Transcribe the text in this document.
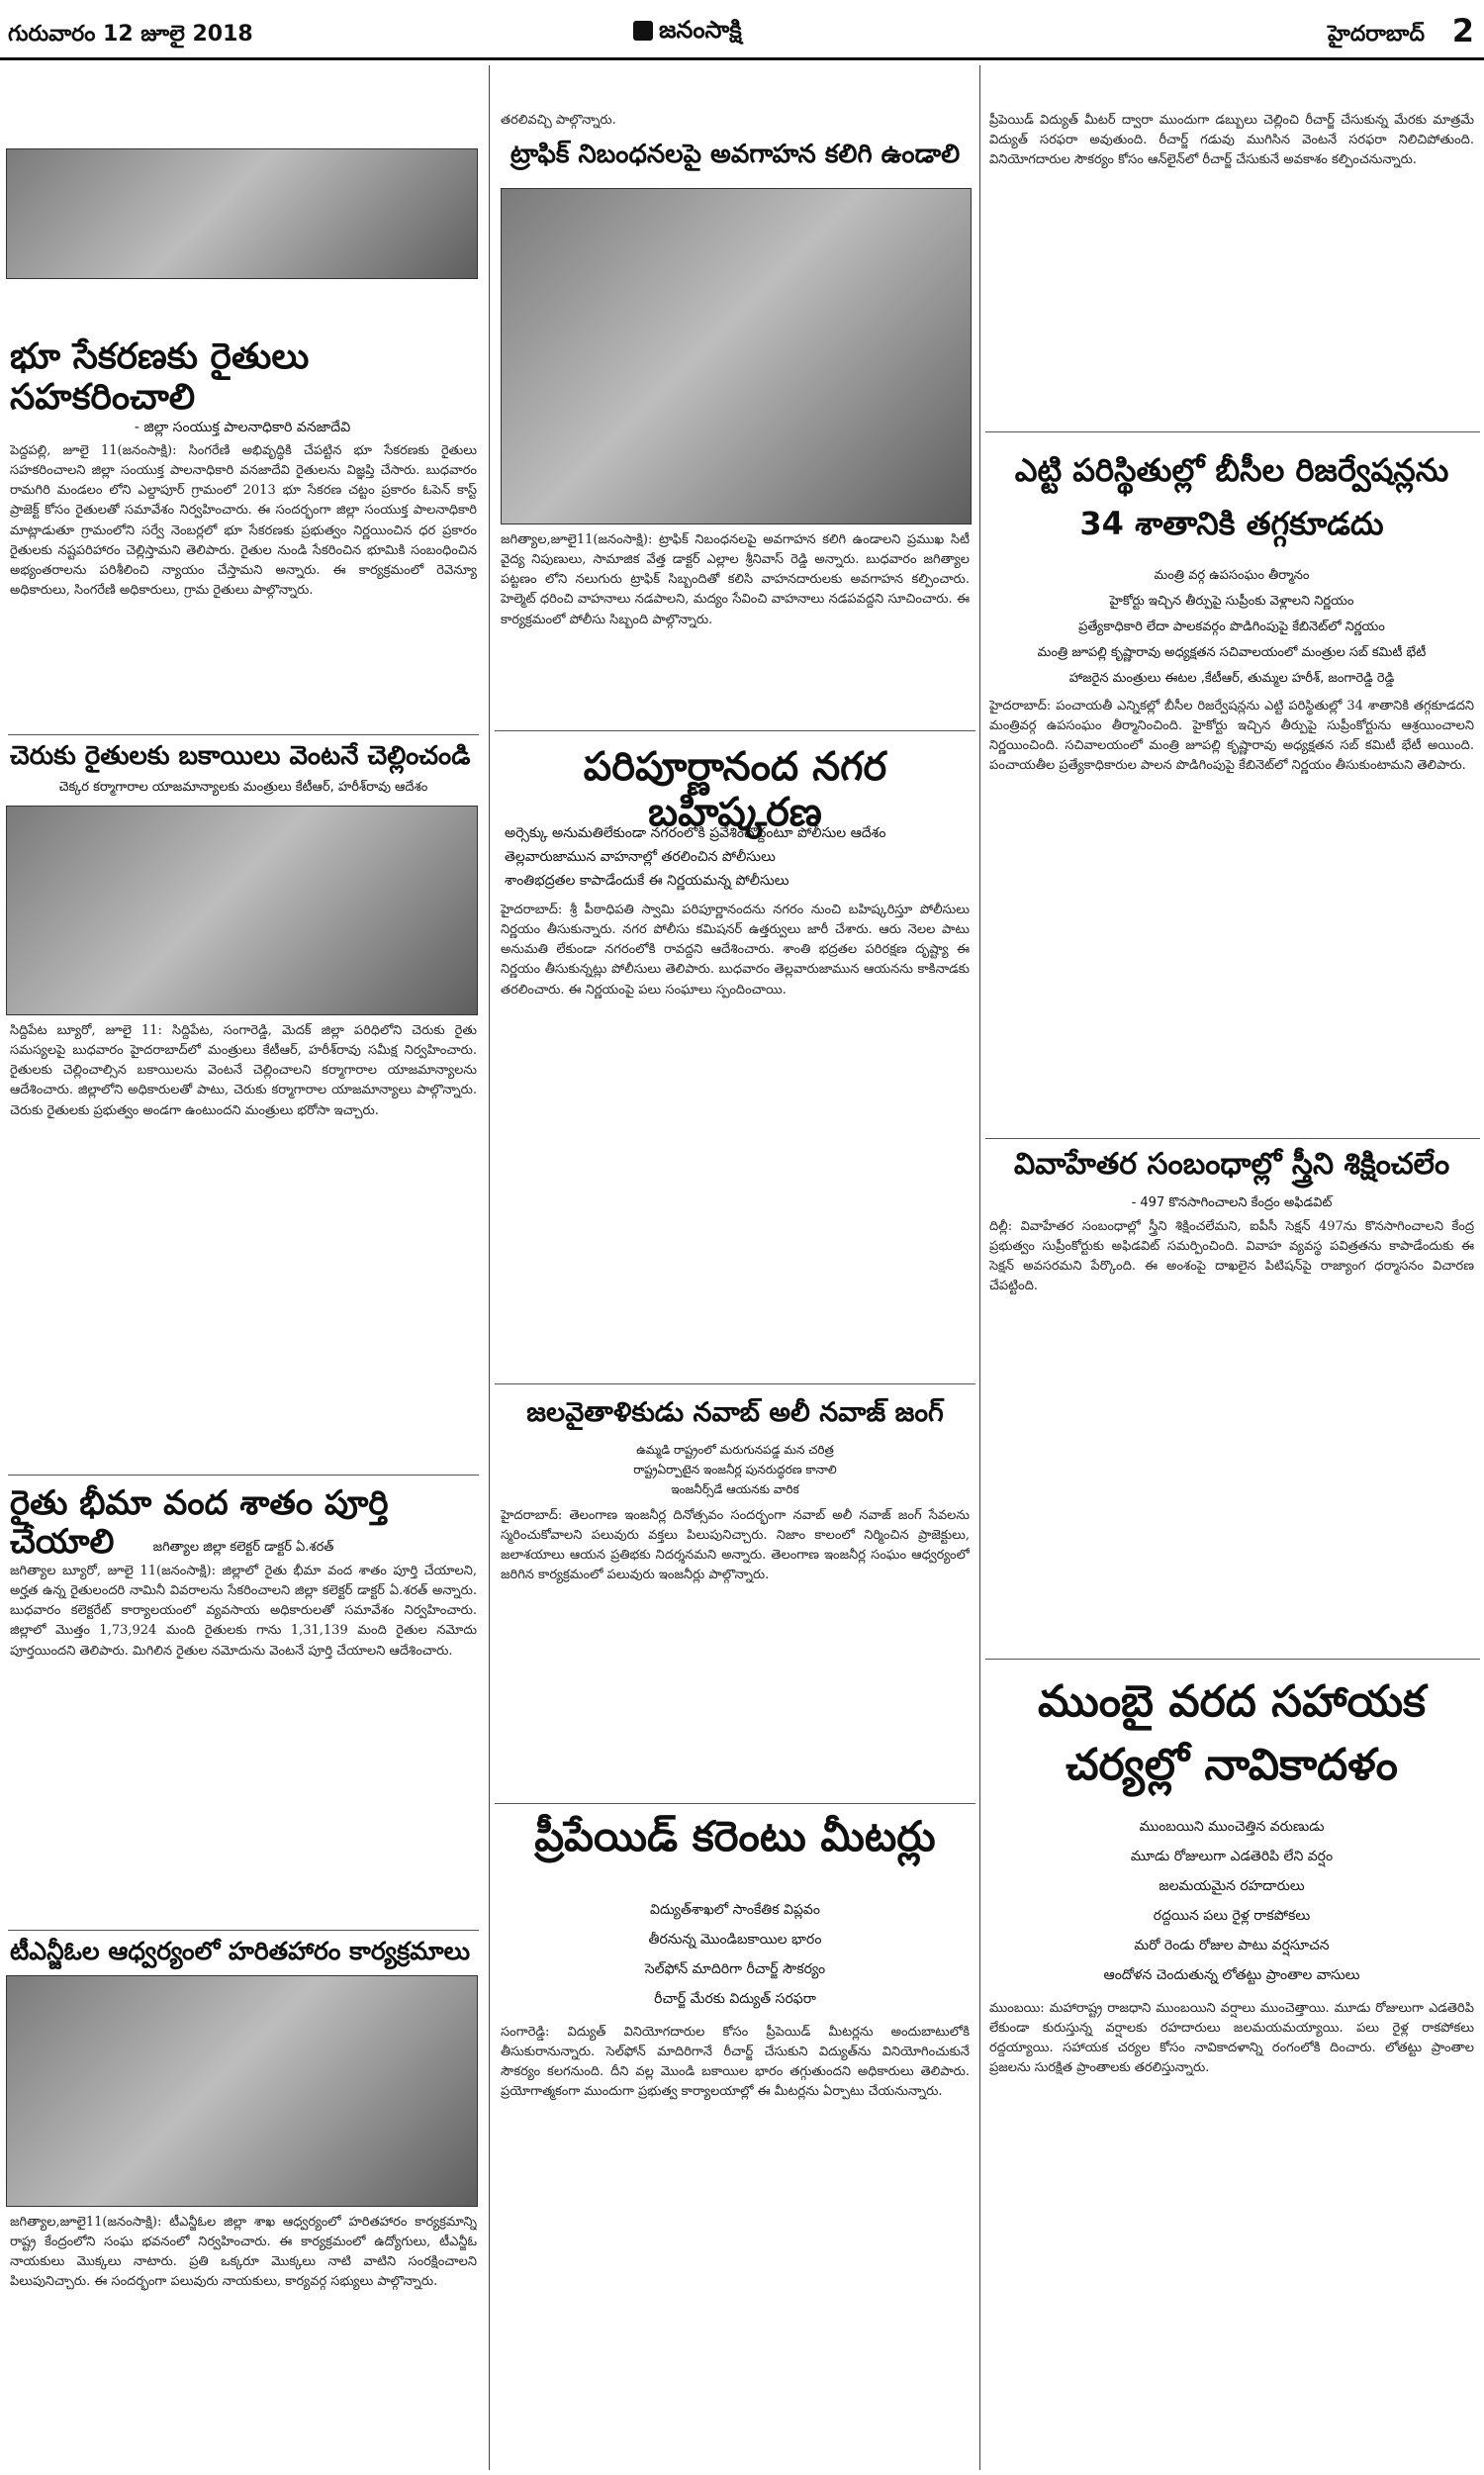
గురువారం 12 జూలై 2018	జనంసాక్షి	హైదరాబాద్ 2
భూ సేకరణకు రైతులు సహకరించాలి
- జిల్లా సంయుక్త పాలనాధికారి వనజాదేవి
పెద్దపల్లి, జూలై 11(జనంసాక్షి): సింగరేణి అభివృద్ధికి చేపట్టిన భూ సేకరణకు రైతులు సహకరించాలని జిల్లా సంయుక్త పాలనాధికారి వనజాదేవి రైతులను విజ్ఞప్తి చేసారు. బుధవారం రామగిరి మండలం లోని ఎల్దాపూర్ గ్రామంలో 2013 భూ సేకరణ చట్టం ప్రకారం ఓపెన్ కాస్ట్ ప్రాజెక్ట్ కోసం రైతులతో సమావేశం నిర్వహించారు. ఈ సందర్భంగా జిల్లా సంయుక్త పాలనాధికారి మాట్లాడుతూ గ్రామంలోని సర్వే నెంబర్లలో భూ సేకరణకు ప్రభుత్వం నిర్ణయించిన ధర ప్రకారం రైతులకు నష్టపరిహారం చెల్లిస్తామని తెలిపారు. రైతుల నుండి సేకరించిన భూమికి సంబంధించిన అభ్యంతరాలను పరిశీలించి న్యాయం చేస్తామని అన్నారు. ఈ కార్యక్రమంలో రెవెన్యూ అధికారులు, సింగరేణి అధికారులు, గ్రామ రైతులు పాల్గొన్నారు.
చెరుకు రైతులకు బకాయిలు వెంటనే చెల్లించండి
చెక్కర కర్మాగారాల యాజమాన్యాలకు మంత్రులు కేటీఆర్, హరీశ్‌రావు ఆదేశం
సిద్దిపేట బ్యూరో, జూలై 11: సిద్దిపేట, సంగారెడ్డి, మెదక్ జిల్లా పరిధిలోని చెరుకు రైతు సమస్యలపై బుధవారం హైదరాబాద్‌లో మంత్రులు కేటీఆర్, హరీశ్‌రావు సమీక్ష నిర్వహించారు. రైతులకు చెల్లించాల్సిన బకాయిలను వెంటనే చెల్లించాలని కర్మాగారాల యాజమాన్యాలను ఆదేశించారు. జిల్లాలోని అధికారులతో పాటు, చెరుకు కర్మాగారాల యాజమాన్యాలు పాల్గొన్నారు. చెరుకు రైతులకు ప్రభుత్వం అండగా ఉంటుందని మంత్రులు భరోసా ఇచ్చారు.
రైతు భీమా వంద శాతం పూర్తి చేయాలి	జగిత్యాల జిల్లా కలెక్టర్ డాక్టర్ ఏ.శరత్
జగిత్యాల బ్యూరో, జూలై 11(జనంసాక్షి): జిల్లాలో రైతు భీమా వంద శాతం పూర్తి చేయాలని, అర్హత ఉన్న రైతులందరి నామినీ వివరాలను సేకరించాలని జిల్లా కలెక్టర్ డాక్టర్ ఏ.శరత్ అన్నారు. బుధవారం కలెక్టరేట్ కార్యాలయంలో వ్యవసాయ అధికారులతో సమావేశం నిర్వహించారు. జిల్లాలో మొత్తం 1,73,924 మంది రైతులకు గాను 1,31,139 మంది రైతుల నమోదు పూర్తయిందని తెలిపారు. మిగిలిన రైతుల నమోదును వెంటనే పూర్తి చేయాలని ఆదేశించారు.
టీఎన్జీఓల ఆధ్వర్యంలో హరితహారం కార్యక్రమాలు
జగిత్యాల,జూలై11(జనంసాక్షి): టీఎన్జీఓల జిల్లా శాఖ ఆధ్వర్యంలో హరితహారం కార్యక్రమాన్ని రాష్ట్ర కేంద్రంలోని సంఘ భవనంలో నిర్వహించారు. ఈ కార్యక్రమంలో ఉద్యోగులు, టీఎన్జీఓ నాయకులు మొక్కలు నాటారు. ప్రతి ఒక్కరూ మొక్కలు నాటి వాటిని సంరక్షించాలని పిలుపునిచ్చారు. ఈ సందర్భంగా పలువురు నాయకులు, కార్యవర్గ సభ్యులు పాల్గొన్నారు.
తరలివచ్చి పాల్గొన్నారు.
ట్రాఫిక్ నిబంధనలపై అవగాహన కలిగి ఉండాలి
జగిత్యాల,జూలై11(జనంసాక్షి): ట్రాఫిక్ నిబంధనలపై అవగాహన కలిగి ఉండాలని ప్రముఖ సిటీ వైద్య నిపుణులు, సామాజిక వేత్త డాక్టర్ ఎల్లాల శ్రీనివాస్ రెడ్డి అన్నారు. బుధవారం జగిత్యాల పట్టణం లోని నలుగురు ట్రాఫిక్ సిబ్బందితో కలిసి వాహనదారులకు అవగాహన కల్పించారు. హెల్మెట్ ధరించి వాహనాలు నడపాలని, మద్యం సేవించి వాహనాలు నడపవద్దని సూచించారు. ఈ కార్యక్రమంలో పోలీసు సిబ్బంది పాల్గొన్నారు.
పరిపూర్ణానంద నగర బహిష్కరణ
అర్సెక్కు అనుమతిలేకుండా నగరంలోకి ప్రవేశించొద్దంటూ పోలీసుల ఆదేశం
తెల్లవారుజామున వాహనాల్లో తరలించిన పోలీసులు
శాంతిభద్రతల కాపాడేందుకే ఈ నిర్ణయమన్న పోలీసులు
హైదరాబాద్: శ్రీ పీఠాధిపతి స్వామి పరిపూర్ణానందను నగరం నుంచి బహిష్కరిస్తూ పోలీసులు నిర్ణయం తీసుకున్నారు. నగర పోలీసు కమిషనర్ ఉత్తర్వులు జారీ చేశారు. ఆరు నెలల పాటు అనుమతి లేకుండా నగరంలోకి రావద్దని ఆదేశించారు. శాంతి భద్రతల పరిరక్షణ దృష్ట్యా ఈ నిర్ణయం తీసుకున్నట్లు పోలీసులు తెలిపారు. బుధవారం తెల్లవారుజామున ఆయనను కాకినాడకు తరలించారు. ఈ నిర్ణయంపై పలు సంఘాలు స్పందించాయి.
జలవైతాళికుడు నవాబ్ అలీ నవాజ్ జంగ్
ఉమ్మడి రాష్ట్రంలో మరుగునపడ్డ మన చరిత్ర
రాష్ట్రఏర్పాటైన ఇంజనీర్ల పునరుద్ధరణ కానాలి
ఇంజనీర్స్‌డే ఆయనకు వారిక
హైదరాబాద్: తెలంగాణ ఇంజనీర్ల దినోత్సవం సందర్భంగా నవాబ్ అలీ నవాజ్ జంగ్ సేవలను స్మరించుకోవాలని పలువురు వక్తలు పిలుపునిచ్చారు. నిజాం కాలంలో నిర్మించిన ప్రాజెక్టులు, జలాశయాలు ఆయన ప్రతిభకు నిదర్శనమని అన్నారు. తెలంగాణ ఇంజనీర్ల సంఘం ఆధ్వర్యంలో జరిగిన కార్యక్రమంలో పలువురు ఇంజనీర్లు పాల్గొన్నారు.
ప్రీపేయిడ్ కరెంటు మీటర్లు
విద్యుత్‌శాఖలో సాంకేతిక విప్లవం
తీరనున్న మొండిబకాయిల భారం
సెల్‌ఫోన్ మాదిరిగా రీచార్జ్ సౌకర్యం
రీచార్జ్ మేరకు విద్యుత్ సరఫరా
సంగారెడ్డి: విద్యుత్ వినియోగదారుల కోసం ప్రీపెయిడ్ మీటర్లను అందుబాటులోకి తీసుకురానున్నారు. సెల్‌ఫోన్ మాదిరిగానే రీచార్జ్ చేసుకుని విద్యుత్‌ను వినియోగించుకునే సౌకర్యం కలగనుంది. దీని వల్ల మొండి బకాయిల భారం తగ్గుతుందని అధికారులు తెలిపారు. ప్రయోగాత్మకంగా ముందుగా ప్రభుత్వ కార్యాలయాల్లో ఈ మీటర్లను ఏర్పాటు చేయనున్నారు.
ప్రీపెయిడ్ విద్యుత్ మీటర్ ద్వారా ముందుగా డబ్బులు చెల్లించి రీచార్జ్ చేసుకున్న మేరకు మాత్రమే విద్యుత్ సరఫరా అవుతుంది. రీచార్జ్ గడువు ముగిసిన వెంటనే సరఫరా నిలిచిపోతుంది. వినియోగదారుల సౌకర్యం కోసం ఆన్‌లైన్‌లో రీచార్జ్ చేసుకునే అవకాశం కల్పించనున్నారు.
ఎట్టి పరిస్థితుల్లో బీసీల రిజర్వేషన్లను 34 శాతానికి తగ్గకూడదు
మంత్రి వర్గ ఉపసంఘం తీర్మానం
హైకోర్టు ఇచ్చిన తీర్పుపై సుప్రీంకు వెళ్లాలని నిర్ణయం
ప్రత్యేకాధికారి లేదా పాలకవర్గం పొడిగింపుపై కేబినెట్‌లో నిర్ణయం
మంత్రి జూపల్లి కృష్ణారావు అధ్యక్షతన సచివాలయంలో మంత్రుల సబ్ కమిటీ భేటీ
హాజరైన మంత్రులు ఈటల ,కేటీఆర్, తుమ్మల హరీశ్, జంగారెడ్డి రెడ్డి
హైదరాబాద్: పంచాయతీ ఎన్నికల్లో బీసీల రిజర్వేషన్లను ఎట్టి పరిస్థితుల్లో 34 శాతానికి తగ్గకూడదని మంత్రివర్గ ఉపసంఘం తీర్మానించింది. హైకోర్టు ఇచ్చిన తీర్పుపై సుప్రీంకోర్టును ఆశ్రయించాలని నిర్ణయించింది. సచివాలయంలో మంత్రి జూపల్లి కృష్ణారావు అధ్యక్షతన సబ్ కమిటీ భేటీ అయింది. పంచాయతీల ప్రత్యేకాధికారుల పాలన పొడిగింపుపై కేబినెట్‌లో నిర్ణయం తీసుకుంటామని తెలిపారు.
వివాహేతర సంబంధాల్లో స్త్రీని శిక్షించలేం
- 497 కొనసాగించాలని కేంద్రం అఫిడవిట్
దిల్లీ: వివాహేతర సంబంధాల్లో స్త్రీని శిక్షించలేమని, ఐపీసీ సెక్షన్ 497ను కొనసాగించాలని కేంద్ర ప్రభుత్వం సుప్రీంకోర్టుకు అఫిడవిట్ సమర్పించింది. వివాహ వ్యవస్థ పవిత్రతను కాపాడేందుకు ఈ సెక్షన్ అవసరమని పేర్కొంది. ఈ అంశంపై దాఖలైన పిటిషన్‌పై రాజ్యాంగ ధర్మాసనం విచారణ చేపట్టింది.
ముంబై వరద సహాయక చర్యల్లో నావికాదళం
ముంబయిని ముంచెత్తిన వరుణుడు
మూడు రోజులుగా ఎడతెరిపి లేని వర్షం
జలమయమైన రహదారులు
రద్దయిన పలు రైళ్ల రాకపోకలు
మరో రెండు రోజుల పాటు వర్షసూచన
ఆందోళన చెందుతున్న లోతట్టు ప్రాంతాల వాసులు
ముంబయి: మహారాష్ట్ర రాజధాని ముంబయిని వర్షాలు ముంచెత్తాయి. మూడు రోజులుగా ఎడతెరిపి లేకుండా కురుస్తున్న వర్షాలకు రహదారులు జలమయమయ్యాయి. పలు రైళ్ల రాకపోకలు రద్దయ్యాయి. సహాయక చర్యల కోసం నావికాదళాన్ని రంగంలోకి దించారు. లోతట్టు ప్రాంతాల ప్రజలను సురక్షిత ప్రాంతాలకు తరలిస్తున్నారు.
